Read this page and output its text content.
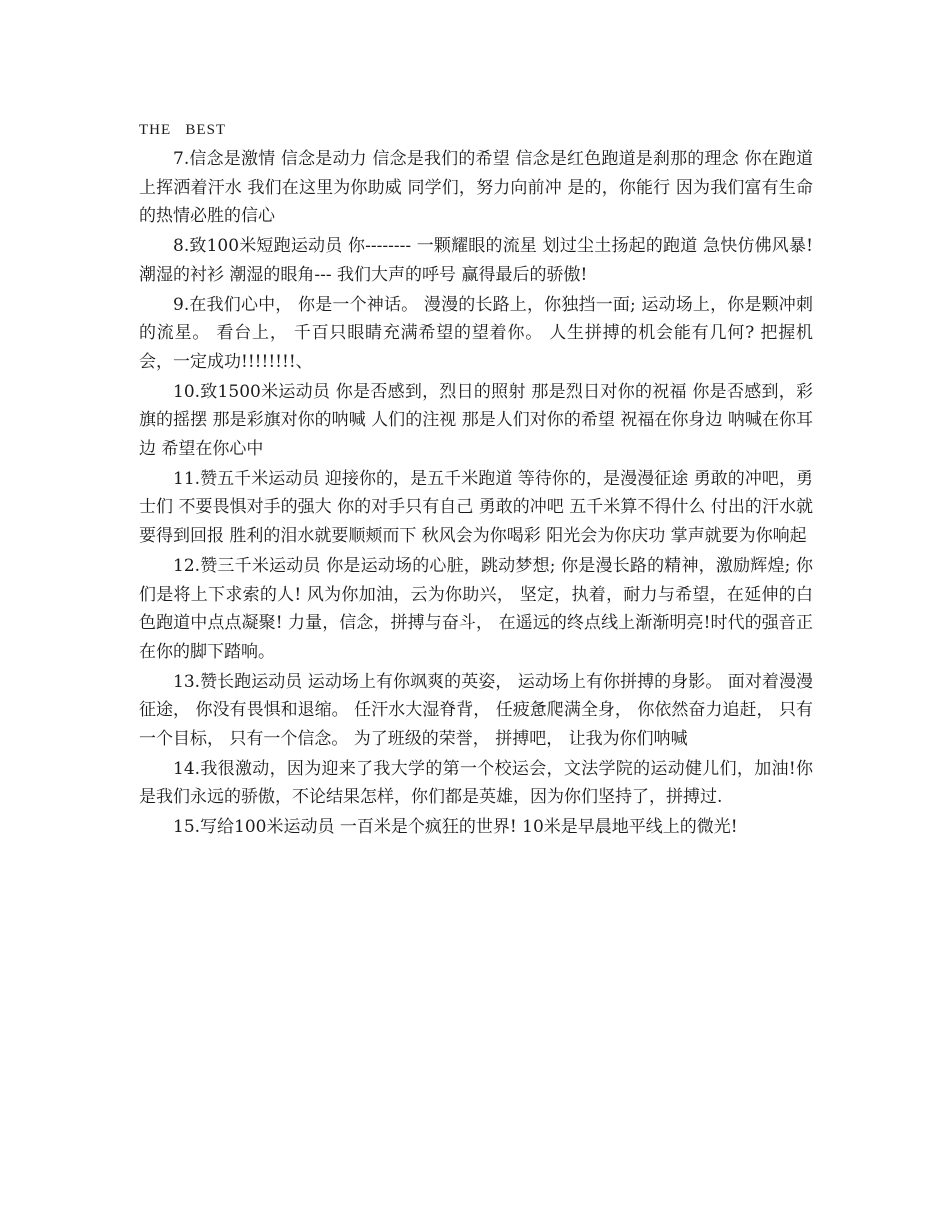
THE   BEST

7.信念是激情 信念是动力 信念是我们的希望 信念是红色跑道是刹那的理念 你在跑道上挥洒着汗水 我们在这里为你助威 同学们，努力向前冲 是的，你能行 因为我们富有生命的热情必胜的信心

8.致100米短跑运动员 你-------- 一颗耀眼的流星 划过尘土扬起的跑道 急快仿佛风暴! 潮湿的衬衫 潮湿的眼角--- 我们大声的呼号 赢得最后的骄傲!

9.在我们心中， 你是一个神话。 漫漫的长路上，你独挡一面; 运动场上，你是颗冲刺的流星。 看台上， 千百只眼睛充满希望的望着你。 人生拼搏的机会能有几何? 把握机会，一定成功!!!!!!!!、

10.致1500米运动员 你是否感到，烈日的照射 那是烈日对你的祝福 你是否感到，彩旗的摇摆 那是彩旗对你的呐喊 人们的注视 那是人们对你的希望 祝福在你身边 呐喊在你耳边 希望在你心中

11.赞五千米运动员 迎接你的，是五千米跑道 等待你的，是漫漫征途 勇敢的冲吧，勇士们 不要畏惧对手的强大 你的对手只有自己 勇敢的冲吧 五千米算不得什么 付出的汗水就要得到回报 胜利的泪水就要顺颊而下 秋风会为你喝彩 阳光会为你庆功 掌声就要为你响起

12.赞三千米运动员 你是运动场的心脏，跳动梦想; 你是漫长路的精神，激励辉煌; 你们是将上下求索的人! 风为你加油，云为你助兴， 坚定，执着，耐力与希望，在延伸的白色跑道中点点凝聚! 力量，信念，拼搏与奋斗， 在遥远的终点线上渐渐明亮!时代的强音正在你的脚下踏响。

13.赞长跑运动员 运动场上有你飒爽的英姿， 运动场上有你拼搏的身影。 面对着漫漫征途， 你没有畏惧和退缩。 任汗水大湿脊背， 任疲惫爬满全身， 你依然奋力追赶， 只有一个目标， 只有一个信念。 为了班级的荣誉， 拼搏吧， 让我为你们呐喊

14.我很激动，因为迎来了我大学的第一个校运会，文法学院的运动健儿们，加油!你是我们永远的骄傲，不论结果怎样，你们都是英雄，因为你们坚持了，拼搏过.

15.写给100米运动员 一百米是个疯狂的世界! 10米是早晨地平线上的微光!
